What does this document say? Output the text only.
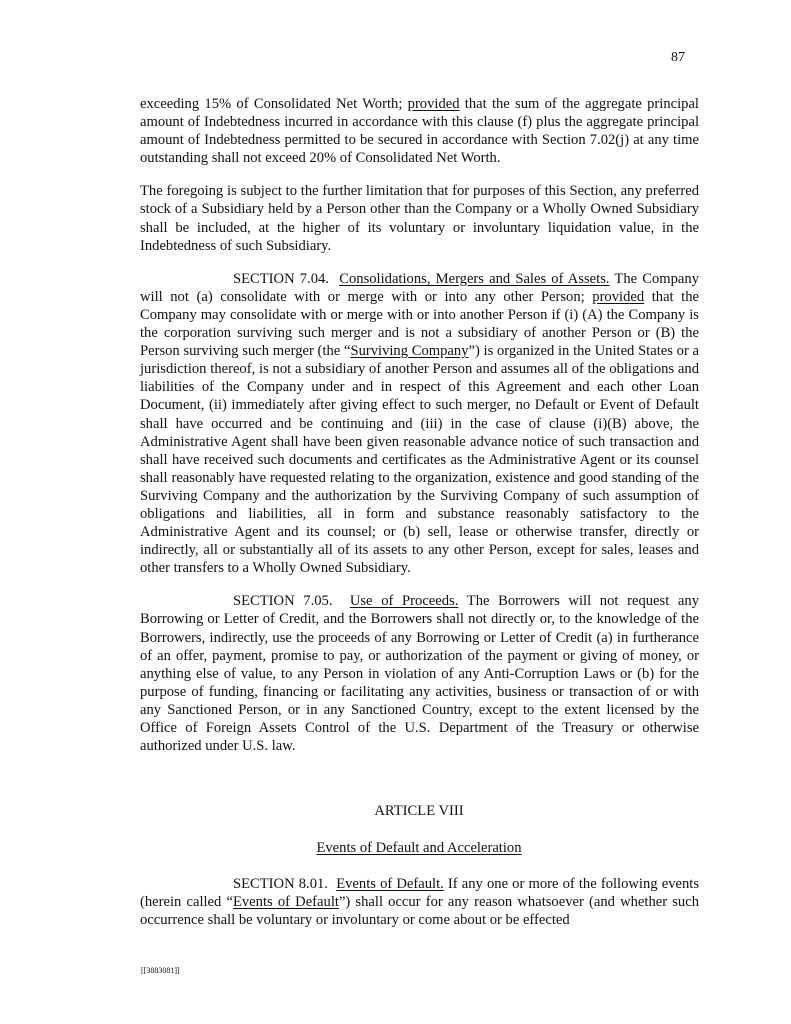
87

exceeding 15% of Consolidated Net Worth; provided that the sum of the aggregate principal amount of Indebtedness incurred in accordance with this clause (f) plus the aggregate principal amount of Indebtedness permitted to be secured in accordance with Section 7.02(j) at any time outstanding shall not exceed 20% of Consolidated Net Worth.

The foregoing is subject to the further limitation that for purposes of this Section, any preferred stock of a Subsidiary held by a Person other than the Company or a Wholly Owned Subsidiary shall be included, at the higher of its voluntary or involuntary liquidation value, in the Indebtedness of such Subsidiary.

SECTION 7.04. Consolidations, Mergers and Sales of Assets. The Company will not (a) consolidate with or merge with or into any other Person; provided that the Company may consolidate with or merge with or into another Person if (i) (A) the Company is the corporation surviving such merger and is not a subsidiary of another Person or (B) the Person surviving such merger (the “Surviving Company”) is organized in the United States or a jurisdiction thereof, is not a subsidiary of another Person and assumes all of the obligations and liabilities of the Company under and in respect of this Agreement and each other Loan Document, (ii) immediately after giving effect to such merger, no Default or Event of Default shall have occurred and be continuing and (iii) in the case of clause (i)(B) above, the Administrative Agent shall have been given reasonable advance notice of such transaction and shall have received such documents and certificates as the Administrative Agent or its counsel shall reasonably have requested relating to the organization, existence and good standing of the Surviving Company and the authorization by the Surviving Company of such assumption of obligations and liabilities, all in form and substance reasonably satisfactory to the Administrative Agent and its counsel; or (b) sell, lease or otherwise transfer, directly or indirectly, all or substantially all of its assets to any other Person, except for sales, leases and other transfers to a Wholly Owned Subsidiary.

SECTION 7.05. Use of Proceeds. The Borrowers will not request any Borrowing or Letter of Credit, and the Borrowers shall not directly or, to the knowledge of the Borrowers, indirectly, use the proceeds of any Borrowing or Letter of Credit (a) in furtherance of an offer, payment, promise to pay, or authorization of the payment or giving of money, or anything else of value, to any Person in violation of any Anti-Corruption Laws or (b) for the purpose of funding, financing or facilitating any activities, business or transaction of or with any Sanctioned Person, or in any Sanctioned Country, except to the extent licensed by the Office of Foreign Assets Control of the U.S. Department of the Treasury or otherwise authorized under U.S. law.

ARTICLE VIII
Events of Default and Acceleration

SECTION 8.01. Events of Default. If any one or more of the following events (herein called “Events of Default”) shall occur for any reason whatsoever (and whether such occurrence shall be voluntary or involuntary or come about or be effected

[[3883081]]
